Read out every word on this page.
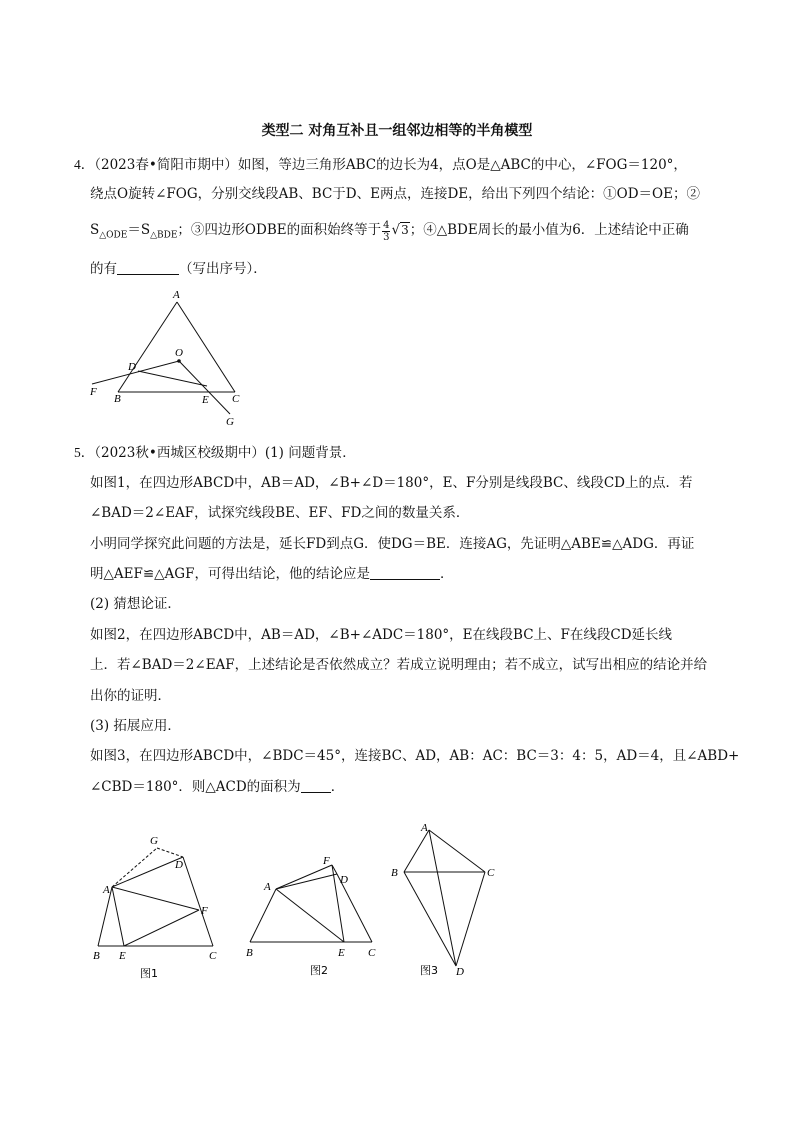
类型二 对角互补且一组邻边相等的半角模型
4．（2023春•简阳市期中）如图，等边三角形ABC的边长为4，点O是△ABC的中心，∠FOG＝120°，
绕点O旋转∠FOG，分别交线段AB、BC于D、E两点，连接DE，给出下列四个结论：①OD＝OE；②
$S_{\triangle ODE}=S_{\triangle BDE}$；③四边形ODBE的面积始终等于 $\frac{4}{3} √3$；④△BDE周长的最小值为6．上述结论中正确
的有	（写出序号）．
A
B	C
D
E
F
G
O
5．（2023秋•西城区校级期中）(1) 问题背景．
如图1，在四边形ABCD中，AB＝AD，∠B+∠D＝180°，E、F分别是线段BC、线段CD上的点．若
∠BAD＝2∠EAF，试探究线段BE、EF、FD之间的数量关系．
小明同学探究此问题的方法是，延长FD到点G．使DG＝BE．连接AG，先证明△ABE≌△ADG．再证
明△AEF≌△AGF，可得出结论，他的结论应是	．
(2) 猜想论证．
如图2，在四边形ABCD中，AB＝AD，∠B+∠ADC＝180°，E在线段BC上、F在线段CD延长线
上．若∠BAD＝2∠EAF，上述结论是否依然成立？若成立说明理由；若不成立，试写出相应的结论并给
出你的证明．
(3) 拓展应用．
如图3，在四边形ABCD中，∠BDC＝45°，连接BC、AD，AB：AC：BC＝3：4：5，AD＝4，且∠ABD+
∠CBD＝180°．则△ACD的面积为 ．
G
D
A
F
B E	C
图1
F
D
A
B	E C
图2
A
B	C
D
图3
